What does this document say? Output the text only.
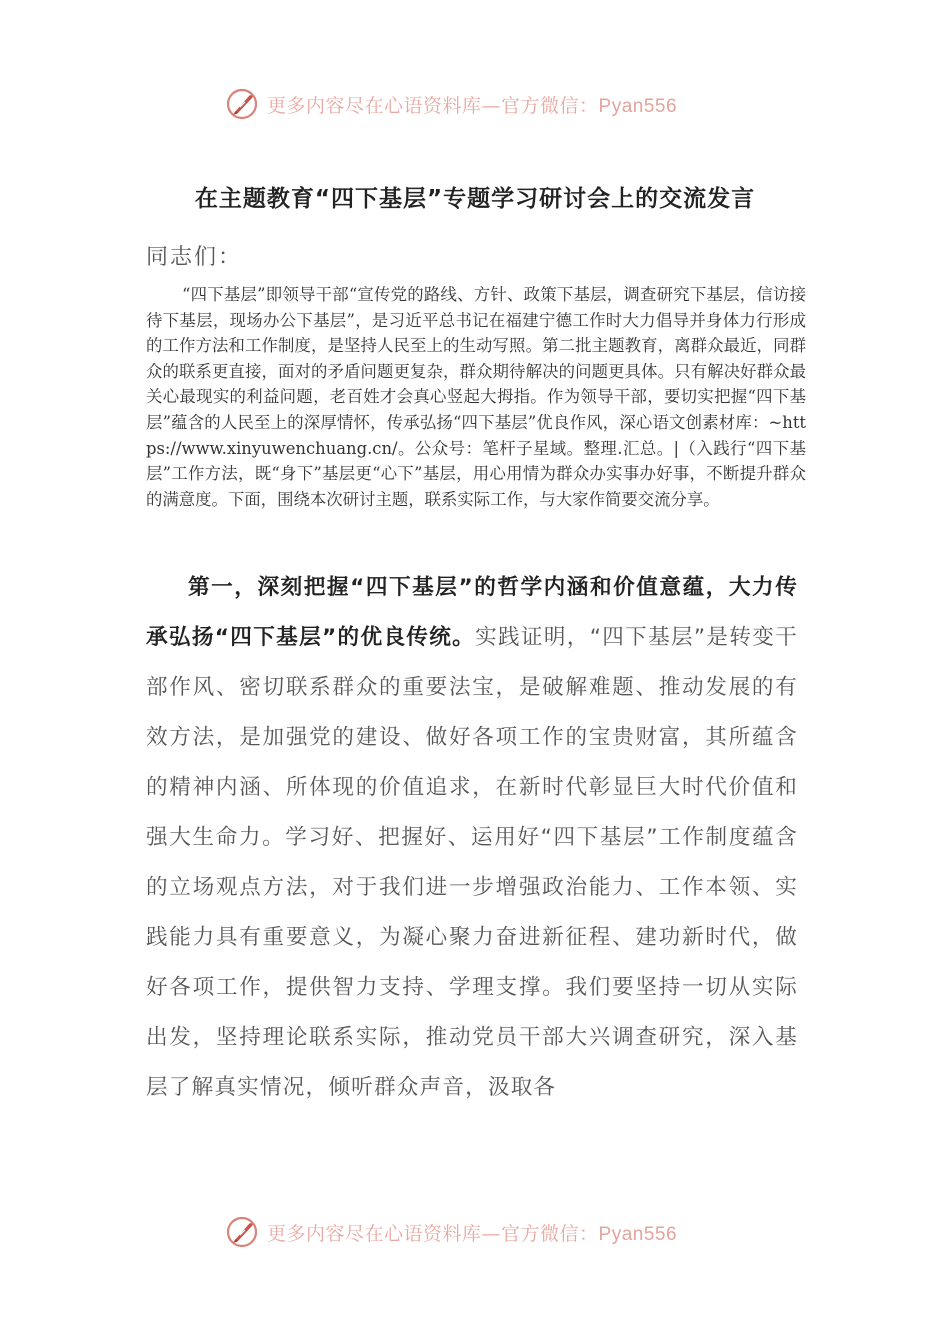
更多内容尽在心语资料库—官方微信：Pyan556
在主题教育“四下基层”专题学习研讨会上的交流发言
同志们：
“四下基层”即领导干部“宣传党的路线、方针、政策下基层，调查研究下基层，信访接待下基层，现场办公下基层”，是习近平总书记在福建宁德工作时大力倡导并身体力行形成的工作方法和工作制度，是坚持人民至上的生动写照。第二批主题教育，离群众最近，同群众的联系更直接，面对的矛盾问题更复杂，群众期待解决的问题更具体。只有解决好群众最关心最现实的利益问题，老百姓才会真心竖起大拇指。作为领导干部，要切实把握“四下基层”蕴含的人民至上的深厚情怀，传承弘扬“四下基层”优良作风，深心语文创素材库：~https://www.xinyuwenchuang.cn/。公众号：笔杆子星域。整理.汇总。|（入践行“四下基层”工作方法，既“身下”基层更“心下”基层，用心用情为群众办实事办好事，不断提升群众的满意度。下面，围绕本次研讨主题，联系实际工作，与大家作简要交流分享。
第一，深刻把握“四下基层”的哲学内涵和价值意蕴，大力传承弘扬“四下基层”的优良传统。实践证明，“四下基层”是转变干部作风、密切联系群众的重要法宝，是破解难题、推动发展的有效方法，是加强党的建设、做好各项工作的宝贵财富，其所蕴含的精神内涵、所体现的价值追求，在新时代彰显巨大时代价值和强大生命力。学习好、把握好、运用好“四下基层”工作制度蕴含的立场观点方法，对于我们进一步增强政治能力、工作本领、实践能力具有重要意义，为凝心聚力奋进新征程、建功新时代，做好各项工作，提供智力支持、学理支撑。我们要坚持一切从实际出发，坚持理论联系实际，推动党员干部大兴调查研究，深入基层了解真实情况，倾听群众声音，汲取各
更多内容尽在心语资料库—官方微信：Pyan556
